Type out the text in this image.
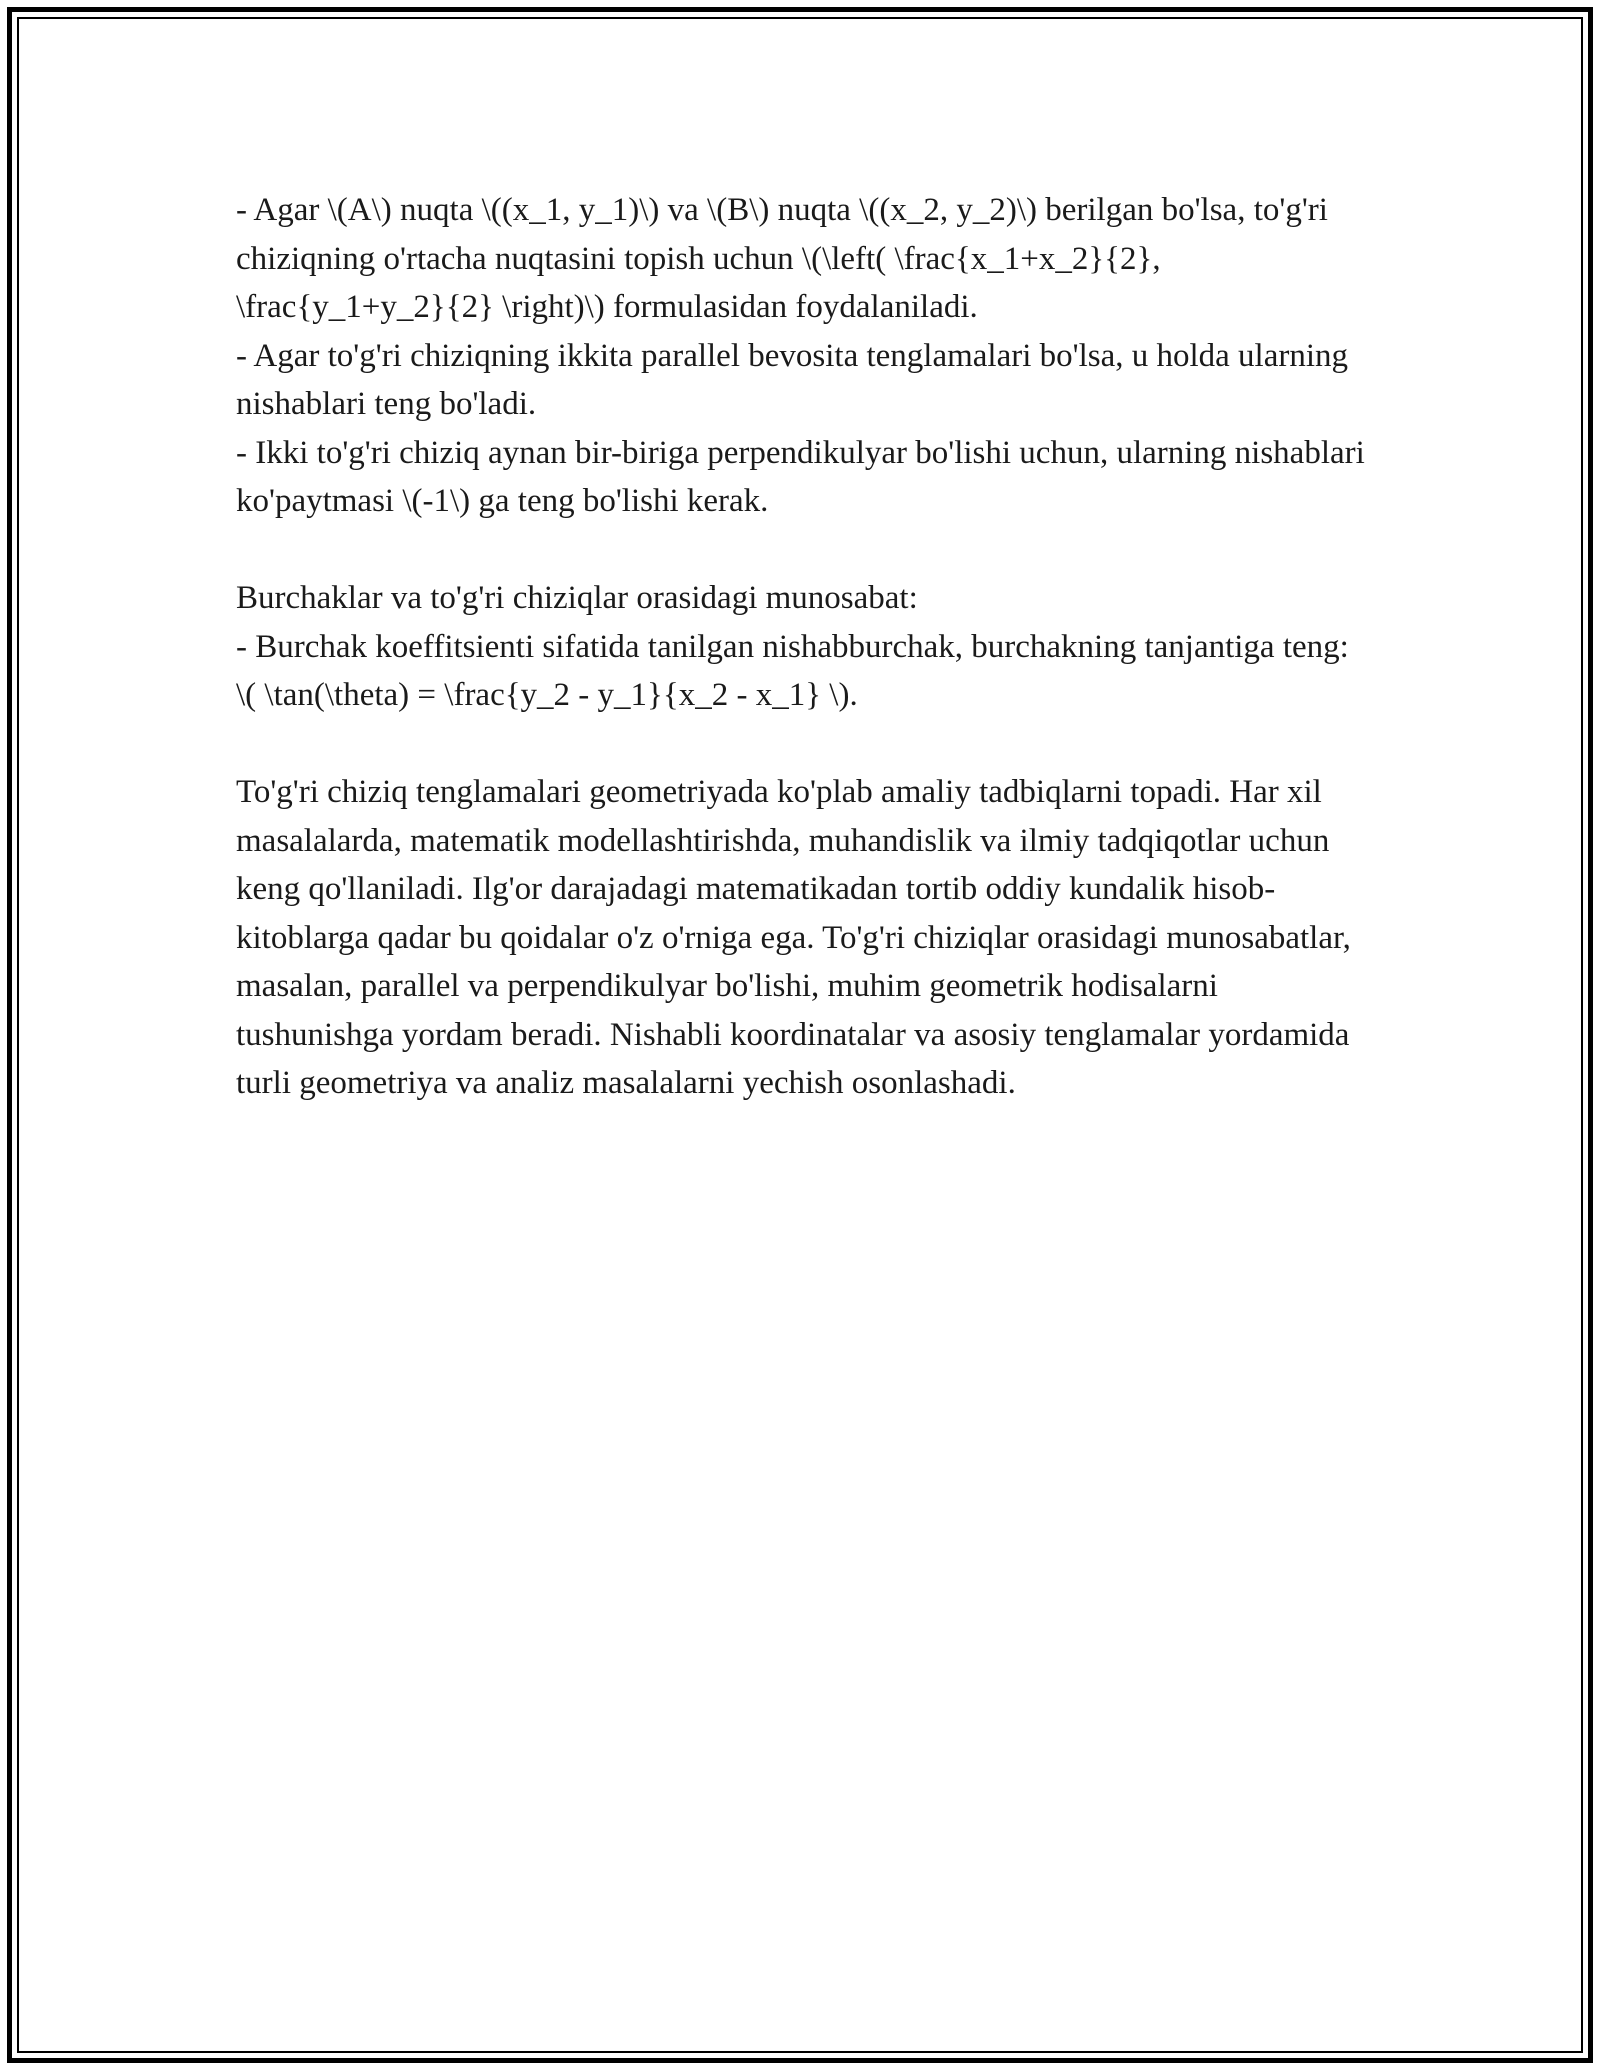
- Agar \(A\) nuqta \((x_1, y_1)\) va \(B\) nuqta \((x_2, y_2)\) berilgan bo'lsa, to'g'ri chiziqning o'rtacha nuqtasini topish uchun \(\left( \frac{x_1+x_2}{2}, \frac{y_1+y_2}{2} \right)\) formulasidan foydalaniladi.

- Agar to'g'ri chiziqning ikkita parallel bevosita tenglamalari bo'lsa, u holda ularning nishablari teng bo'ladi.

- Ikki to'g'ri chiziq aynan bir-biriga perpendikulyar bo'lishi uchun, ularning nishablari ko'paytmasi \(-1\) ga teng bo'lishi kerak.

Burchaklar va to'g'ri chiziqlar orasidagi munosabat:

- Burchak koeffitsienti sifatida tanilgan nishabburchak, burchakning tanjantiga teng: \( \tan(\theta) = \frac{y_2 - y_1}{x_2 - x_1} \).

To'g'ri chiziq tenglamalari geometriyada ko'plab amaliy tadbiqlarni topadi. Har xil masalalarda, matematik modellashtirishda, muhandislik va ilmiy tadqiqotlar uchun keng qo'llaniladi. Ilg'or darajadagi matematikadan tortib oddiy kundalik hisob-kitoblarga qadar bu qoidalar o'z o'rniga ega. To'g'ri chiziqlar orasidagi munosabatlar, masalan, parallel va perpendikulyar bo'lishi, muhim geometrik hodisalarni tushunishga yordam beradi. Nishabli koordinatalar va asosiy tenglamalar yordamida turli geometriya va analiz masalalarni yechish osonlashadi.
